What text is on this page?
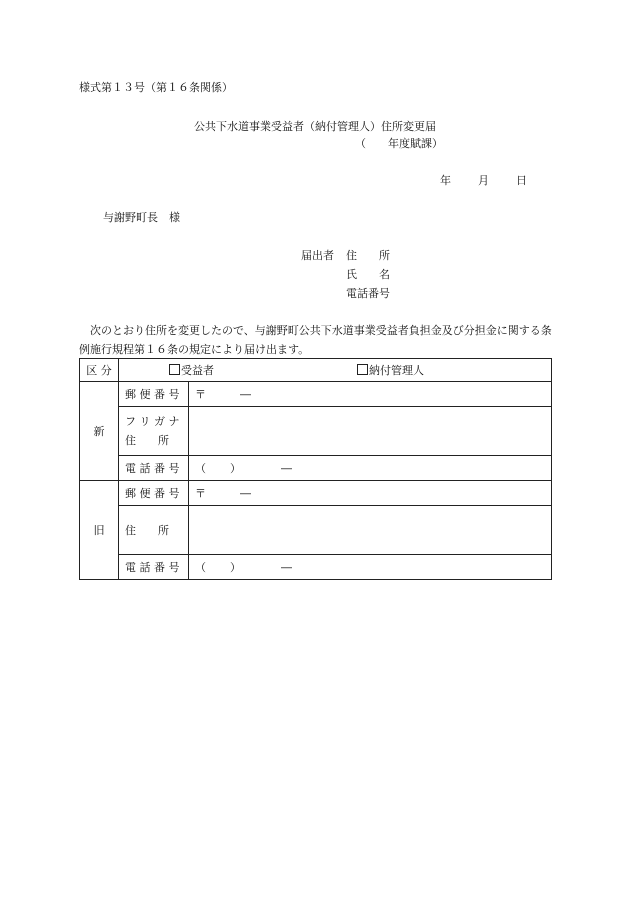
様式第１３号（第１６条関係）
公共下水道事業受益者（納付管理人）住所変更届
（　　年度賦課）
年 月 日
与謝野町長　様
届出者 住　　所
氏　　名
電話番号
次のとおり住所を変更したので、与謝野町公共下水道事業受益者負担金及び分担金に関する条例施行規程第１６条の規定により届け出ます。
区 分	受益者 納付管理人	

新	郵 便 番 号	〒 ―

	フ リ ガ ナ
住　　所	

	電 話 番 号	（ ） ―
旧	郵 便 番 号	〒 ―
	住　　所	
	電 話 番 号	（ ） ―
